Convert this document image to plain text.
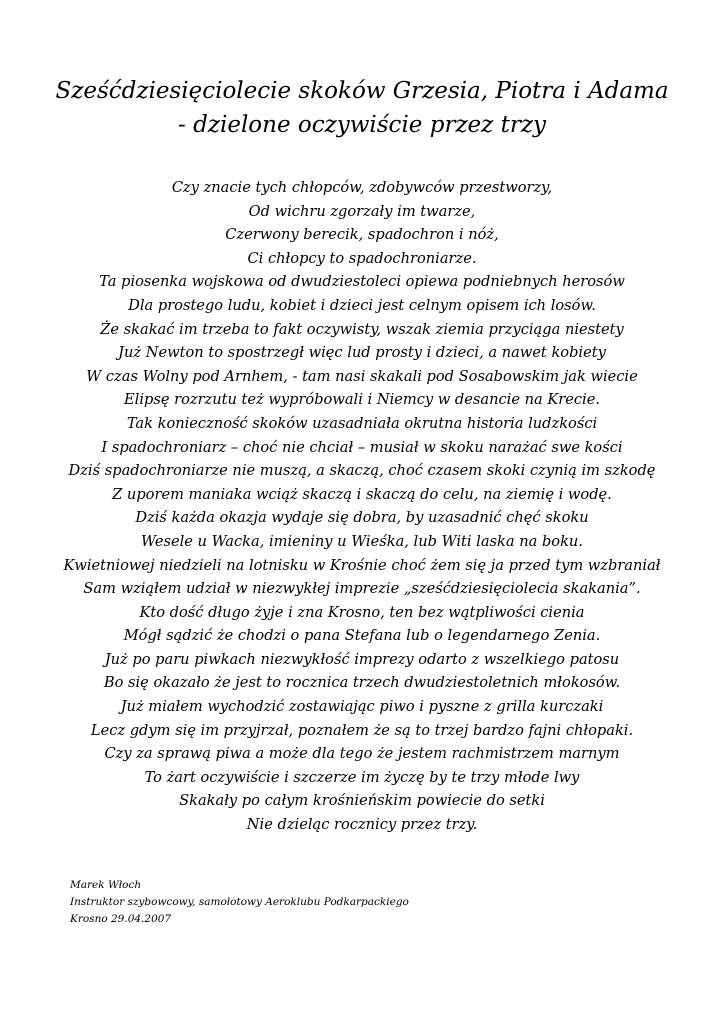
Sześćdziesięciolecie skoków Grzesia, Piotra i Adama
- dzielone oczywiście przez trzy
Czy znacie tych chłopców, zdobywców przestworzy,
Od wichru zgorzały im twarze,
Czerwony berecik, spadochron i nóż,
Ci chłopcy to spadochroniarze.
Ta piosenka wojskowa od dwudziestoleci opiewa podniebnych herosów
Dla prostego ludu, kobiet i dzieci jest celnym opisem ich losów.
Że skakać im trzeba to fakt oczywisty, wszak ziemia przyciąga niestety
Już Newton to spostrzegł więc lud prosty i dzieci, a nawet kobiety
W czas Wolny pod Arnhem, - tam nasi skakali pod Sosabowskim jak wiecie
Elipsę rozrzutu też wypróbowali i Niemcy w desancie na Krecie.
Tak konieczność skoków uzasadniała okrutna historia ludzkości
I spadochroniarz – choć nie chciał – musiał w skoku narażać swe kości
Dziś spadochroniarze nie muszą, a skaczą, choć czasem skoki czynią im szkodę
Z uporem maniaka wciąż skaczą i skaczą do celu, na ziemię i wodę.
Dziś każda okazja wydaje się dobra, by uzasadnić chęć skoku
Wesele u Wacka, imieniny u Wieśka, lub Witi laska na boku.
Kwietniowej niedzieli na lotnisku w Krośnie choć żem się ja przed tym wzbraniał
Sam wziąłem udział w niezwykłej imprezie „sześćdziesięciolecia skakania”.
Kto dość długo żyje i zna Krosno, ten bez wątpliwości cienia
Mógł sądzić że chodzi o pana Stefana lub o legendarnego Zenia.
Już po paru piwkach niezwykłość imprezy odarto z wszelkiego patosu
Bo się okazało że jest to rocznica trzech dwudziestoletnich młokosów.
Już miałem wychodzić zostawiając piwo i pyszne z grilla kurczaki
Lecz gdym się im przyjrzał, poznałem że są to trzej bardzo fajni chłopaki.
Czy za sprawą piwa a może dla tego że jestem rachmistrzem marnym
To żart oczywiście i szczerze im życzę by te trzy młode lwy
Skakały po całym krośnieńskim powiecie do setki
Nie dzieląc rocznicy przez trzy.
Marek Włoch
Instruktor szybowcowy, samolotowy Aeroklubu Podkarpackiego
Krosno 29.04.2007
